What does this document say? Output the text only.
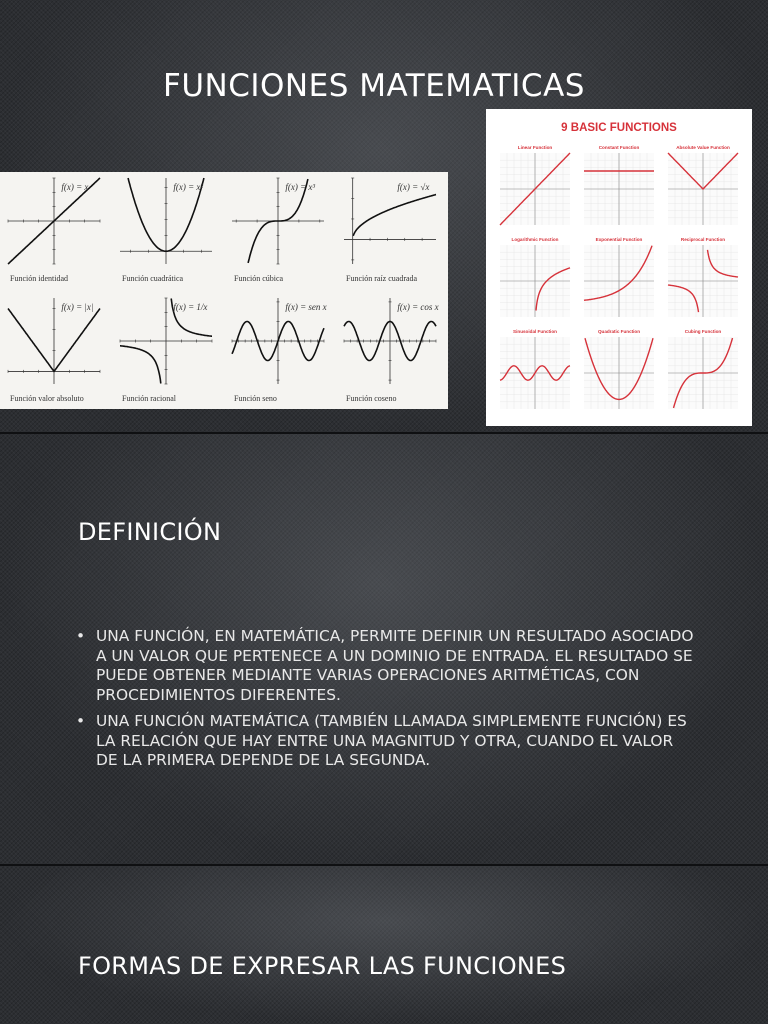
FUNCIONES MATEMATICAS
f(x) = x
Función identidad
f(x) = x²
Función cuadrática
f(x) = x³
Función cúbica
f(x) = √x
Función raíz cuadrada
f(x) = |x|
Función valor absoluto
f(x) = 1/x
Función racional
f(x) = sen x
Función seno
f(x) = cos x
Función coseno
9 BASIC FUNCTIONS
Linear Function	Constant Function	Absolute Value Function
Logarithmic Function	Exponential Function	Reciprocal Function
Sinusoidal Function	Quadratic Function	Cubing Function
DEFINICIÓN
• UNA FUNCIÓN, EN MATEMÁTICA, PERMITE DEFINIR UN RESULTADO ASOCIADO A UN VALOR QUE PERTENECE A UN DOMINIO DE ENTRADA. EL RESULTADO SE PUEDE OBTENER MEDIANTE VARIAS OPERACIONES ARITMÉTICAS, CON PROCEDIMIENTOS DIFERENTES.
• UNA FUNCIÓN MATEMÁTICA (TAMBIÉN LLAMADA SIMPLEMENTE FUNCIÓN) ES LA RELACIÓN QUE HAY ENTRE UNA MAGNITUD Y OTRA, CUANDO EL VALOR DE LA PRIMERA DEPENDE DE LA SEGUNDA.
FORMAS DE EXPRESAR LAS FUNCIONES
